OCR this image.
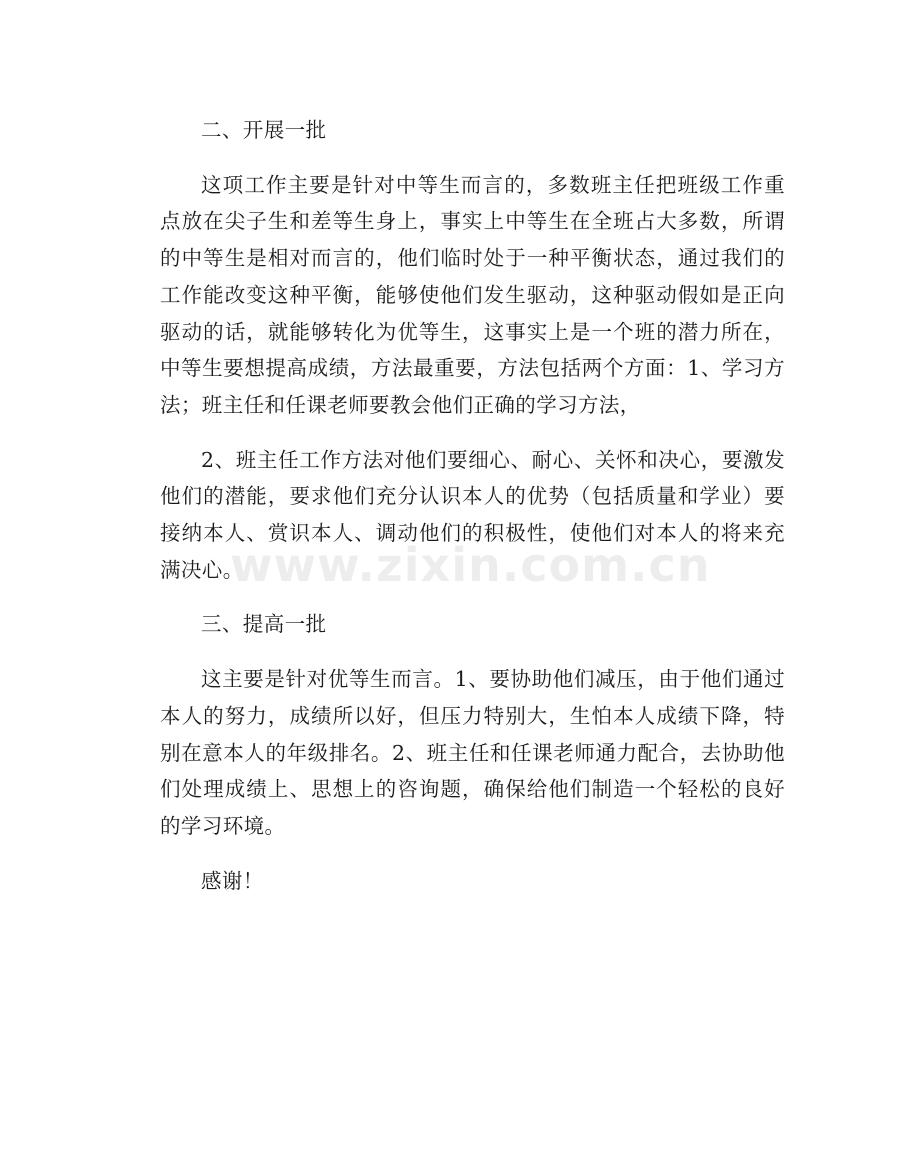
二、开展一批

这项工作主要是针对中等生而言的，多数班主任把班级工作重点放在尖子生和差等生身上，事实上中等生在全班占大多数，所谓的中等生是相对而言的，他们临时处于一种平衡状态，通过我们的工作能改变这种平衡，能够使他们发生驱动，这种驱动假如是正向驱动的话，就能够转化为优等生，这事实上是一个班的潜力所在，中等生要想提高成绩，方法最重要，方法包括两个方面：1、学习方法；班主任和任课老师要教会他们正确的学习方法，

2、班主任工作方法对他们要细心、耐心、关怀和决心，要激发他们的潜能，要求他们充分认识本人的优势（包括质量和学业）要接纳本人、赏识本人、调动他们的积极性，使他们对本人的将来充满决心。

三、提高一批

这主要是针对优等生而言。1、要协助他们减压，由于他们通过本人的努力，成绩所以好，但压力特别大，生怕本人成绩下降，特别在意本人的年级排名。2、班主任和任课老师通力配合，去协助他们处理成绩上、思想上的咨询题，确保给他们制造一个轻松的良好的学习环境。

感谢！

www.zixin.com.cn
